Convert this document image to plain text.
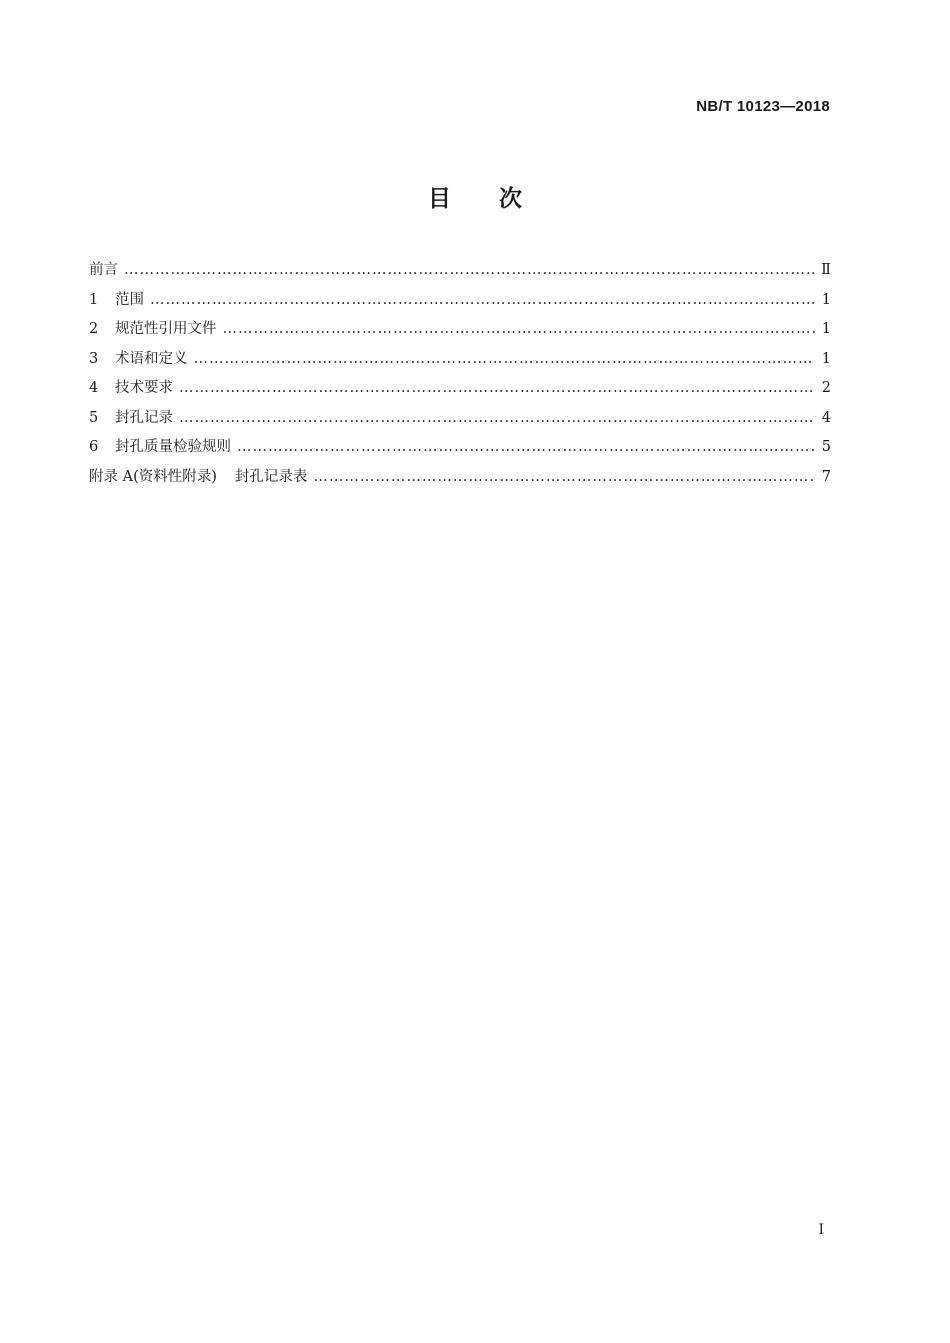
NB/T 10123—2018
目次
前言 ……………………………………………………………………………………………………………………………………………………………………………………………………………………	Ⅱ
1	范围 ……………………………………………………………………………………………………………………………………………………………………………………………………………………	1
2	规范性引用文件 ……………………………………………………………………………………………………………………………………………………………………………………………………………………	1
3	术语和定义 ……………………………………………………………………………………………………………………………………………………………………………………………………………………	1
4	技术要求 ……………………………………………………………………………………………………………………………………………………………………………………………………………………	2
5	封孔记录 ……………………………………………………………………………………………………………………………………………………………………………………………………………………	4
6	封孔质量检验规则 ……………………………………………………………………………………………………………………………………………………………………………………………………………………	5
附录 A(资料性附录) 封孔记录表 ……………………………………………………………………………………………………………………………………………………………………………………………………………………	7
Ⅰ
